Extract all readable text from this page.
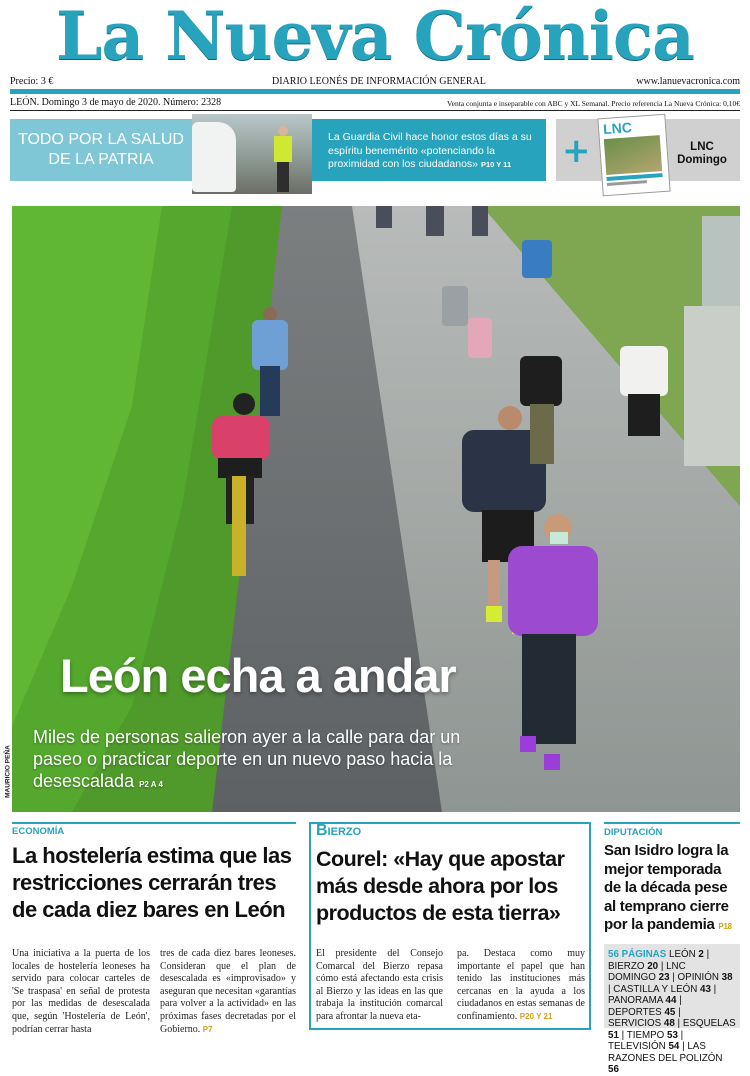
La Nueva Crónica
Precio: 3 €	DIARIO LEONÉS DE INFORMACIÓN GENERAL	www.lanuevacronica.com
LEÓN. Domingo 3 de mayo de 2020. Número: 2328	Venta conjunta e inseparable con ABC y XL Semanal. Precio referencia La Nueva Crónica: 0,10€
TODO POR LA SALUD DE LA PATRIA
La Guardia Civil hace honor estos días a su espíritu benemérito «potenciando la proximidad con los ciudadanos» P10 Y 11	+
LNC
LNC Domingo
León echa a andar
Miles de personas salieron ayer a la calle para dar un paseo o practicar deporte en un nuevo paso hacia la desescalada P2 A 4
MAURICIO PEÑA
ECONOMÍA
La hostelería estima que las restricciones cerrarán tres de cada diez bares en León
Una iniciativa a la puerta de los locales de hostelería leoneses ha servido para colocar carteles de 'Se traspasa' en señal de protesta por las medidas de desescalada que, según 'Hostelería de León', podrían cerrar hasta
tres de cada diez bares leoneses. Consideran que el plan de desescalada es «improvisado» y aseguran que necesitan «garantías para volver a la actividad» en las próximas fases decretadas por el Gobierno. P7
Bierzo
Courel: «Hay que apostar más desde ahora por los productos de esta tierra»
El presidente del Consejo Comarcal del Bierzo repasa cómo está afectando esta crisis al Bierzo y las ideas en las que trabaja la institución comarcal para afrontar la nueva eta-
pa. Destaca como muy importante el papel que han tenido las instituciones más cercanas en la ayuda a los ciudadanos en estas semanas de confinamiento. P20 Y 21
DIPUTACIÓN
San Isidro logra la mejor temporada de la década pese al temprano cierre por la pandemia P18
56 PÁGINAS LEÓN 2 | BIERZO 20 | LNC DOMINGO 23 | OPINIÓN 38 | CASTILLA Y LEÓN 43 | PANORAMA 44 | DEPORTES 45 | SERVICIOS 48 | ESQUELAS 51 | TIEMPO 53 | TELEVISIÓN 54 | LAS RAZONES DEL POLIZÓN 56
